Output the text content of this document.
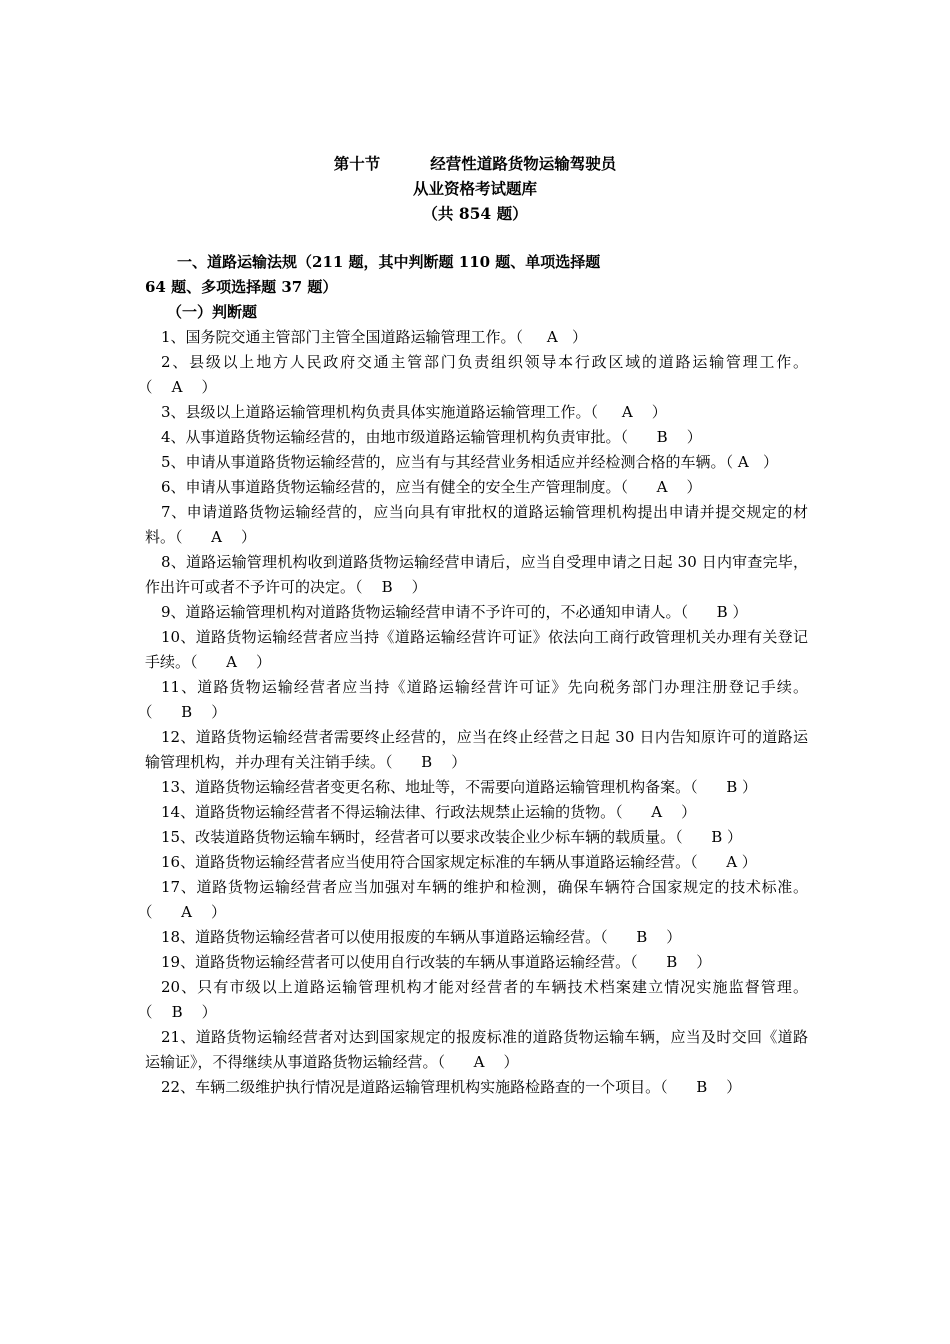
第十节	经营性道路货物运输驾驶员
从业资格考试题库
（共 854 题）

一、道路运输法规（211 题，其中判断题 110 题、单项选择题 64 题、多项选择题 37 题）

（一）判断题

1、国务院交通主管部门主管全国道路运输管理工作。（     A   ）

2、县级以上地方人民政府交通主管部门负责组织领导本行政区域的道路运输管理工作。（    A    ）

3、县级以上道路运输管理机构负责具体实施道路运输管理工作。（     A    ）

4、从事道路货物运输经营的，由地市级道路运输管理机构负责审批。（      B    ）

5、申请从事道路货物运输经营的，应当有与其经营业务相适应并经检测合格的车辆。（ A   ）

6、申请从事道路货物运输经营的，应当有健全的安全生产管理制度。（      A    ）

7、申请道路货物运输经营的，应当向具有审批权的道路运输管理机构提出申请并提交规定的材料。（      A    ）

8、道路运输管理机构收到道路货物运输经营申请后，应当自受理申请之日起 30 日内审查完毕，作出许可或者不予许可的决定。（    B    ）

9、道路运输管理机构对道路货物运输经营申请不予许可的，不必通知申请人。（      B ）

10、道路货物运输经营者应当持《道路运输经营许可证》依法向工商行政管理机关办理有关登记手续。（      A    ）

11、道路货物运输经营者应当持《道路运输经营许可证》先向税务部门办理注册登记手续。（      B    ）

12、道路货物运输经营者需要终止经营的，应当在终止经营之日起 30 日内告知原许可的道路运输管理机构，并办理有关注销手续。（      B    ）

13、道路货物运输经营者变更名称、地址等，不需要向道路运输管理机构备案。（      B ）

14、道路货物运输经营者不得运输法律、行政法规禁止运输的货物。（      A    ）

15、改装道路货物运输车辆时，经营者可以要求改装企业少标车辆的载质量。（      B ）

16、道路货物运输经营者应当使用符合国家规定标准的车辆从事道路运输经营。（      A ）

17、道路货物运输经营者应当加强对车辆的维护和检测，确保车辆符合国家规定的技术标准。（      A    ）

18、道路货物运输经营者可以使用报废的车辆从事道路运输经营。（      B    ）

19、道路货物运输经营者可以使用自行改装的车辆从事道路运输经营。（      B    ）

20、只有市级以上道路运输管理机构才能对经营者的车辆技术档案建立情况实施监督管理。（    B    ）

21、道路货物运输经营者对达到国家规定的报废标准的道路货物运输车辆，应当及时交回《道路运输证》，不得继续从事道路货物运输经营。（      A    ）

22、车辆二级维护执行情况是道路运输管理机构实施路检路查的一个项目。（      B    ）
